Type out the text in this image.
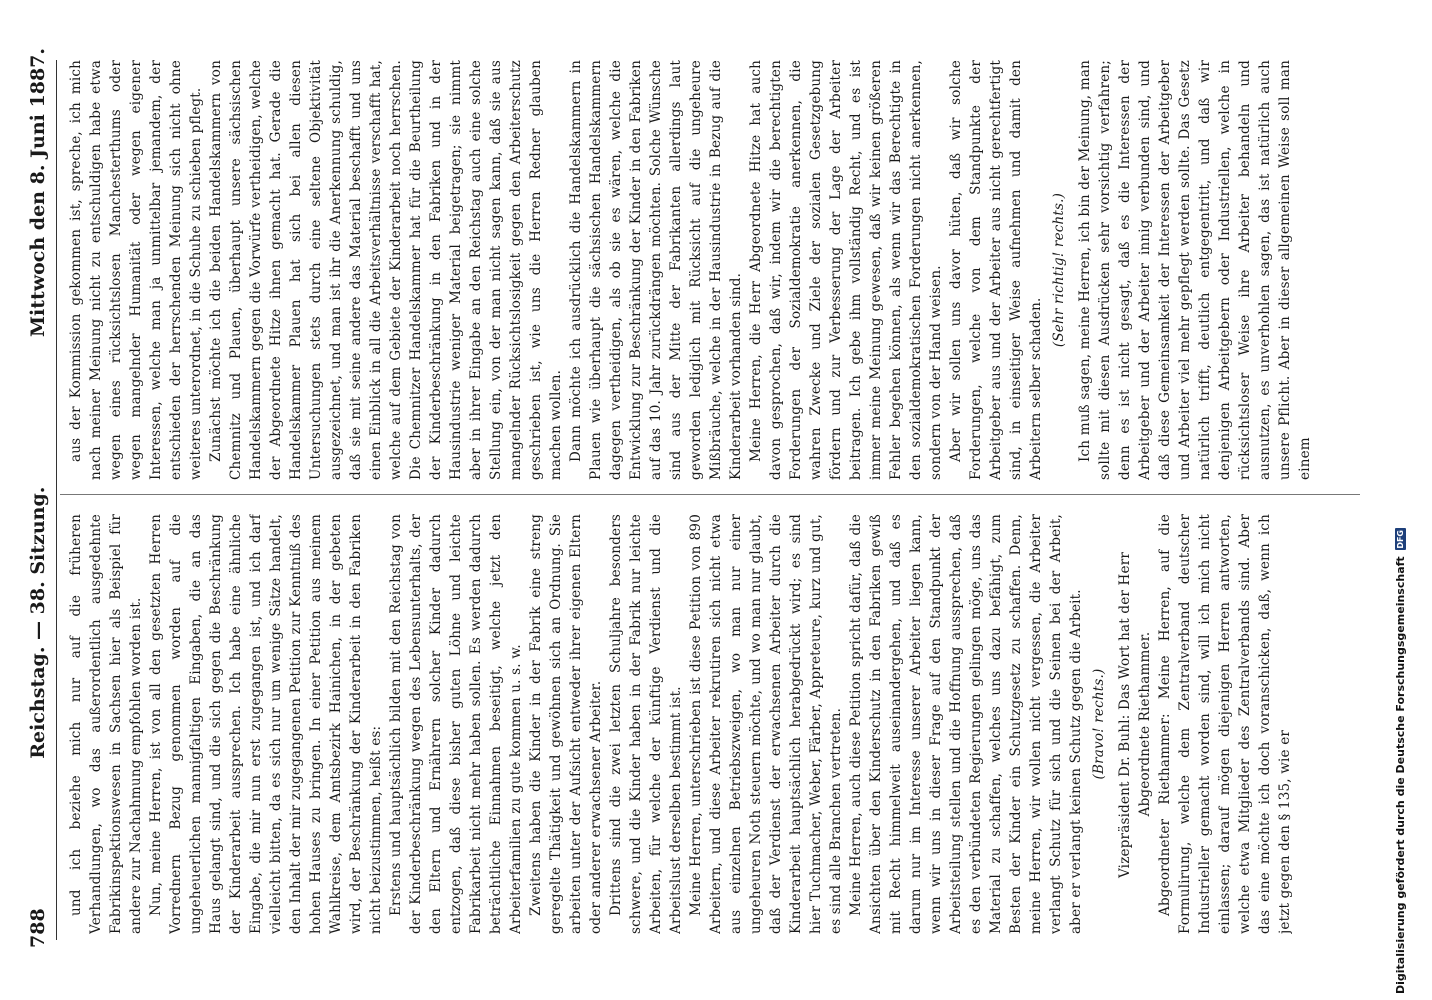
788
Reichstag. — 38. Sitzung.
Mittwoch den 8. Juni 1887.

und ich beziehe mich nur auf die früheren Verhandlungen, wo das außerordentlich ausgedehnte Fabrikinspektionswesen in Sachsen hier als Beispiel für andere zur Nachahmung empfohlen worden ist. Nun, meine Herren, ist von all den gesetzten Herren Vorrednern Bezug genommen worden auf die ungeheuerlichen mannigfaltigen Eingaben, die an das Haus gelangt sind, und die sich gegen die Beschränkung der Kinderarbeit aussprechen. Ich habe eine ähnliche Eingabe, die mir nun erst zugegangen ist, und ich darf vielleicht bitten, da es sich nur um wenige Sätze handelt, den Inhalt der mir zugegangenen Petition zur Kenntniß des hohen Hauses zu bringen. In einer Petition aus meinem Wahlkreise, dem Amtsbezirk Hainichen, in der gebeten wird, der Beschränkung der Kinderarbeit in den Fabriken nicht beizustimmen, heißt es: Erstens und hauptsächlich bilden mit den Reichstag von der Kinderbeschränkung wegen des Lebensunterhalts, der den Eltern und Ernährern solcher Kinder dadurch entzogen, daß diese bisher guten Löhne und leichte Fabrikarbeit nicht mehr haben sollen. Es werden dadurch beträchtliche Einnahmen beseitigt, welche jetzt den Arbeiterfamilien zu gute kommen u. s. w. Zweitens haben die Kinder in der Fabrik eine streng geregelte Thätigkeit und gewöhnen sich an Ordnung. Sie arbeiten unter der Aufsicht entweder ihrer eigenen Eltern oder anderer erwachsener Arbeiter. Drittens sind die zwei letzten Schuljahre besonders schwere, und die Kinder haben in der Fabrik nur leichte Arbeiten, für welche der künftige Verdienst und die Arbeitslust derselben bestimmt ist. Meine Herren, unterschrieben ist diese Petition von 890 Arbeitern, und diese Arbeiter rekrutiren sich nicht etwa aus einzelnen Betriebszweigen, wo man nur einer ungeheuren Noth steuern möchte, und wo man nur glaubt, daß der Verdienst der erwachsenen Arbeiter durch die Kinderarbeit hauptsächlich herabgedrückt wird; es sind hier Tuchmacher, Weber, Färber, Appreteure, kurz und gut, es sind alle Branchen vertreten. Meine Herren, auch diese Petition spricht dafür, daß die Ansichten über den Kinderschutz in den Fabriken gewiß mit Recht himmelweit auseinandergehen, und daß es darum nur im Interesse unserer Arbeiter liegen kann, wenn wir uns in dieser Frage auf den Standpunkt der Arbeitsteilung stellen und die Hoffnung aussprechen, daß es den verbündeten Regierungen gelingen möge, uns das Material zu schaffen, welches uns dazu befähigt, zum Besten der Kinder ein Schutzgesetz zu schaffen. Denn, meine Herren, wir wollen nicht vergessen, die Arbeiter verlangt Schutz für sich und die Seinen bei der Arbeit, aber er verlangt keinen Schutz gegen die Arbeit. (Bravo! rechts.) Vizepräsident Dr. Buhl: Das Wort hat der Herr Abgeordnete Riethammer. Abgeordneter Riethammer: Meine Herren, auf die Formulirung, welche dem Zentralverband deutscher Industrieller gemacht worden sind, will ich mich nicht einlassen; darauf mögen diejenigen Herren antworten, welche etwa Mitglieder des Zentralverbands sind. Aber das eine möchte ich doch voranschicken, daß, wenn ich jetzt gegen den § 135, wie er

aus der Kommission gekommen ist, spreche, ich mich nach meiner Meinung nicht zu entschuldigen habe etwa wegen eines rücksichtslosen Manchesterthums oder wegen mangelnder Humanität oder wegen eigener Interessen, welche man ja unmittelbar jemandem, der entschieden der herrschenden Meinung sich nicht ohne weiteres unterordnet, in die Schuhe zu schieben pflegt. Zunächst möchte ich die beiden Handelskammern von Chemnitz und Plauen, überhaupt unsere sächsischen Handelskammern gegen die Vorwürfe vertheidigen, welche der Abgeordnete Hitze ihnen gemacht hat. Gerade die Handelskammer Plauen hat sich bei allen diesen Untersuchungen stets durch eine seltene Objektivität ausgezeichnet, und man ist ihr die Anerkennung schuldig, daß sie mit seine andere das Material beschafft und uns einen Einblick in all die Arbeitsverhältnisse verschafft hat, welche auf dem Gebiete der Kinderarbeit noch herrschen. Die Chemnitzer Handelskammer hat für die Beurtheilung der Kinderbeschränkung in den Fabriken und in der Hausindustrie weniger Material beigetragen; sie nimmt aber in ihrer Eingabe an den Reichstag auch eine solche Stellung ein, von der man nicht sagen kann, daß sie aus mangelnder Rücksichtslosigkeit gegen den Arbeiterschutz geschrieben ist, wie uns die Herren Redner glauben machen wollen. Dann möchte ich ausdrücklich die Handelskammern in Plauen wie überhaupt die sächsischen Handelskammern dagegen vertheidigen, als ob sie es wären, welche die Entwicklung zur Beschränkung der Kinder in den Fabriken auf das 10. Jahr zurückdrängen möchten. Solche Wünsche sind aus der Mitte der Fabrikanten allerdings laut geworden lediglich mit Rücksicht auf die ungeheure Mißbräuche, welche in der Hausindustrie in Bezug auf die Kinderarbeit vorhanden sind. Meine Herren, die Herr Abgeordnete Hitze hat auch davon gesprochen, daß wir, indem wir die berechtigten Forderungen der Sozialdemokratie anerkennen, die wahren Zwecke und Ziele der sozialen Gesetzgebung fördern und zur Verbesserung der Lage der Arbeiter beitragen. Ich gebe ihm vollständig Recht, und es ist immer meine Meinung gewesen, daß wir keinen größeren Fehler begehen können, als wenn wir das Berechtigte in den sozialdemokratischen Forderungen nicht anerkennen, sondern von der Hand weisen. Aber wir sollen uns davor hüten, daß wir solche Forderungen, welche von dem Standpunkte der Arbeitgeber aus und der Arbeiter aus nicht gerechtfertigt sind, in einseitiger Weise aufnehmen und damit den Arbeitern selber schaden.

(Sehr richtig! rechts.) Ich muß sagen, meine Herren, ich bin der Meinung, man sollte mit diesen Ausdrücken sehr vorsichtig verfahren; denn es ist nicht gesagt, daß es die Interessen der Arbeitgeber und der Arbeiter innig verbunden sind, und daß diese Gemeinsamkeit der Interessen der Arbeitgeber und Arbeiter viel mehr gepflegt werden sollte. Das Gesetz natürlich trifft, deutlich entgegentritt, und daß wir denjenigen Arbeitgebern oder Industriellen, welche in rücksichtsloser Weise ihre Arbeiter behandeln und ausnutzen, es unverhohlen sagen, das ist natürlich auch unsere Pflicht. Aber in dieser allgemeinen Weise soll man einem

Digitalisierung gefördert durch die Deutsche Forschungsgemeinschaft
DFG
